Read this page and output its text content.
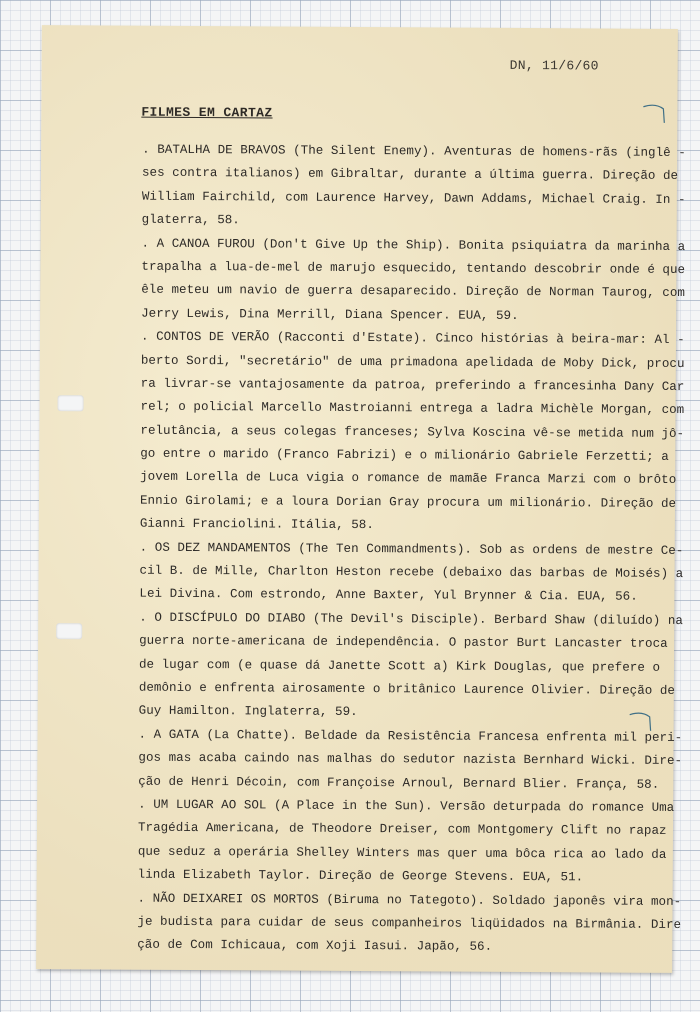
DN, 11/6/60
FILMES EM CARTAZ
. BATALHA DE BRAVOS (The Silent Enemy). Aventuras de homens-rãs (inglê -
ses contra italianos) em Gibraltar, durante a última guerra. Direção de
William Fairchild, com Laurence Harvey, Dawn Addams, Michael Craig. In -
glaterra, 58.
. A CANOA FUROU (Don't Give Up the Ship). Bonita psiquiatra da marinha a
trapalha a lua-de-mel de marujo esquecido, tentando descobrir onde é que
êle meteu um navio de guerra desaparecido. Direção de Norman Taurog, com
Jerry Lewis, Dina Merrill, Diana Spencer. EUA, 59.
. CONTOS DE VERÃO (Racconti d'Estate). Cinco histórias à beira-mar: Al -
berto Sordi, "secretário" de uma primadona apelidada de Moby Dick, procu
ra livrar-se vantajosamente da patroa, preferindo a francesinha Dany Car
rel; o policial Marcello Mastroianni entrega a ladra Michèle Morgan, com
relutância, a seus colegas franceses; Sylva Koscina vê-se metida num jô-
go entre o marido (Franco Fabrizi) e o milionário Gabriele Ferzetti; a
jovem Lorella de Luca vigia o romance de mamãe Franca Marzi com o brôto
Ennio Girolami; e a loura Dorian Gray procura um milionário. Direção de
Gianni Franciolini. Itália, 58.
. OS DEZ MANDAMENTOS (The Ten Commandments). Sob as ordens de mestre Ce-
cil B. de Mille, Charlton Heston recebe (debaixo das barbas de Moisés) a
Lei Divina. Com estrondo, Anne Baxter, Yul Brynner & Cia. EUA, 56.
. O DISCÍPULO DO DIABO (The Devil's Disciple). Berbard Shaw (diluído) na
guerra norte-americana de independência. O pastor Burt Lancaster troca
de lugar com (e quase dá Janette Scott a) Kirk Douglas, que prefere o
demônio e enfrenta airosamente o britânico Laurence Olivier. Direção de
Guy Hamilton. Inglaterra, 59.
. A GATA (La Chatte). Beldade da Resistência Francesa enfrenta mil peri-
gos mas acaba caindo nas malhas do sedutor nazista Bernhard Wicki. Dire-
ção de Henri Décoin, com Françoise Arnoul, Bernard Blier. França, 58.
. UM LUGAR AO SOL (A Place in the Sun). Versão deturpada do romance Uma
Tragédia Americana, de Theodore Dreiser, com Montgomery Clift no rapaz
que seduz a operária Shelley Winters mas quer uma bôca rica ao lado da
linda Elizabeth Taylor. Direção de George Stevens. EUA, 51.
. NÃO DEIXAREI OS MORTOS (Biruma no Tategoto). Soldado japonês vira mon-
je budista para cuidar de seus companheiros liqüidados na Birmânia. Dire
ção de Com Ichicaua, com Xoji Iasui. Japão, 56.
